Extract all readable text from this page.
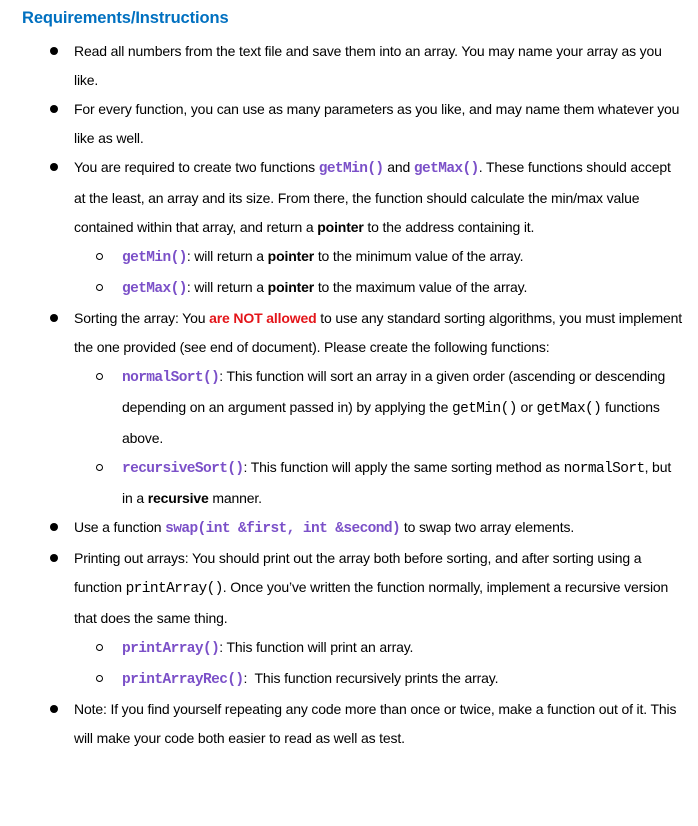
Requirements/Instructions

Read all numbers from the text file and save them into an array. You may name your array as you like.

For every function, you can use as many parameters as you like, and may name them whatever you like as well.

You are required to create two functions getMin() and getMax(). These functions should accept at the least, an array and its size. From there, the function should calculate the min/max value contained within that array, and return a pointer to the address containing it.

getMin(): will return a pointer to the minimum value of the array.

getMax(): will return a pointer to the maximum value of the array.

Sorting the array: You are NOT allowed to use any standard sorting algorithms, you must implement the one provided (see end of document). Please create the following functions:

normalSort(): This function will sort an array in a given order (ascending or descending depending on an argument passed in) by applying the getMin() or getMax() functions above.

recursiveSort(): This function will apply the same sorting method as normalSort, but in a recursive manner.

Use a function swap(int &first, int &second) to swap two array elements.

Printing out arrays: You should print out the array both before sorting, and after sorting using a function printArray(). Once you’ve written the function normally, implement a recursive version that does the same thing.

printArray(): This function will print an array.

printArrayRec():  This function recursively prints the array.

Note: If you find yourself repeating any code more than once or twice, make a function out of it. This will make your code both easier to read as well as test.
